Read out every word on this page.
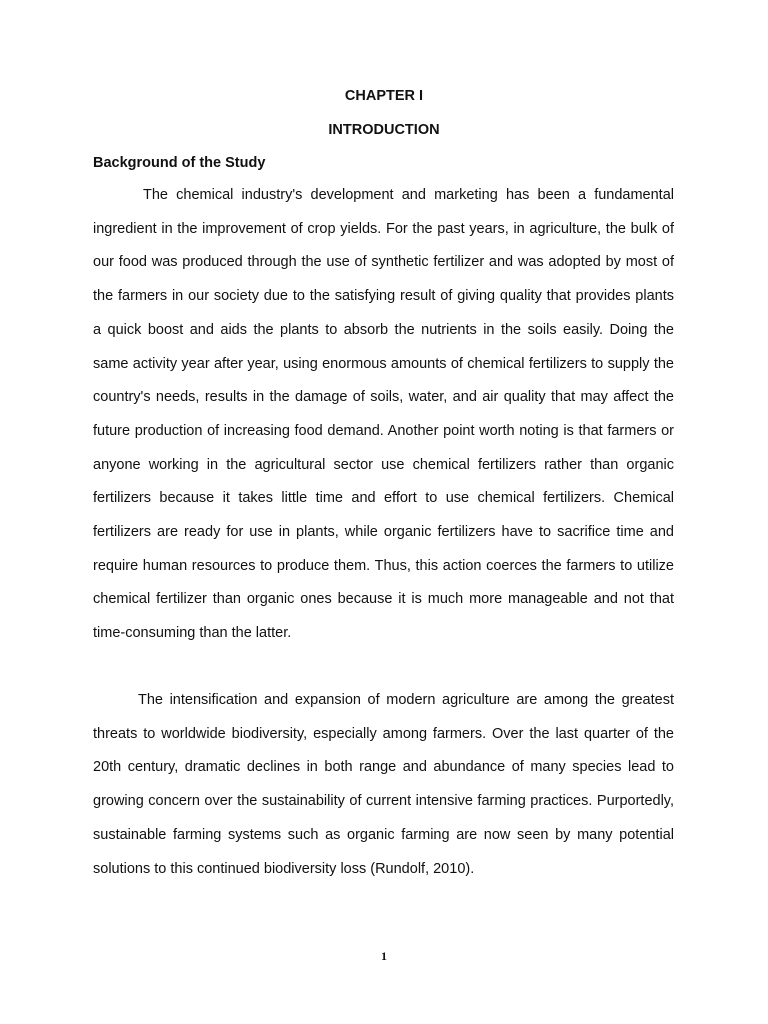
CHAPTER I
INTRODUCTION
Background of the Study

The chemical industry's development and marketing has been a fundamental ingredient in the improvement of crop yields. For the past years, in agriculture, the bulk of our food was produced through the use of synthetic fertilizer and was adopted by most of the farmers in our society due to the satisfying result of giving quality that provides plants a quick boost and aids the plants to absorb the nutrients in the soils easily. Doing the same activity year after year, using enormous amounts of chemical fertilizers to supply the country's needs, results in the damage of soils, water, and air quality that may affect the future production of increasing food demand. Another point worth noting is that farmers or anyone working in the agricultural sector use chemical fertilizers rather than organic fertilizers because it takes little time and effort to use chemical fertilizers. Chemical fertilizers are ready for use in plants, while organic fertilizers have to sacrifice time and require human resources to produce them. Thus, this action coerces the farmers to utilize chemical fertilizer than organic ones because it is much more manageable and not that time-consuming than the latter.

The intensification and expansion of modern agriculture are among the greatest threats to worldwide biodiversity, especially among farmers. Over the last quarter of the 20th century, dramatic declines in both range and abundance of many species lead to growing concern over the sustainability of current intensive farming practices. Purportedly, sustainable farming systems such as organic farming are now seen by many potential solutions to this continued biodiversity loss (Rundolf, 2010).

1
